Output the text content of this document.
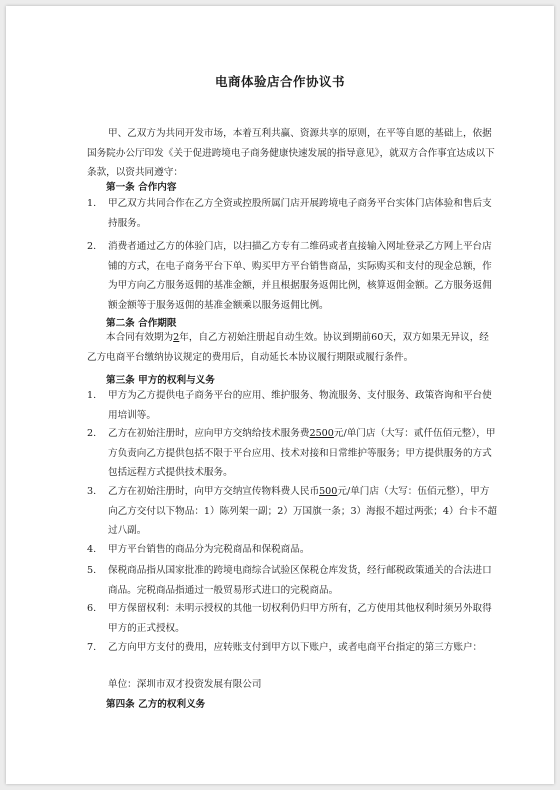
电商体验店合作协议书
甲、乙双方为共同开发市场，本着互利共赢、资源共享的原则，在平等自愿的基础上，依据国务院办公厅印发《关于促进跨境电子商务健康快速发展的指导意见》，就双方合作事宜达成以下条款，以资共同遵守：
第一条 合作内容
1. 甲乙双方共同合作在乙方全资或控股所属门店开展跨境电子商务平台实体门店体验和售后支持服务。
2. 消费者通过乙方的体验门店，以扫描乙方专有二维码或者直接输入网址登录乙方网上平台店铺的方式，在电子商务平台下单、购买甲方平台销售商品，实际购买和支付的现金总额，作为甲方向乙方服务返佣的基准金额，并且根据服务返佣比例，核算返佣金额。乙方服务返佣额金额等于服务返佣的基准金额乘以服务返佣比例。
第二条 合作期限
本合同有效期为2年，自乙方初始注册起自动生效。协议到期前60天，双方如果无异议，经乙方电商平台缴纳协议规定的费用后，自动延长本协议履行期限或履行条件。
第三条 甲方的权利与义务
1. 甲方为乙方提供电子商务平台的应用、维护服务、物流服务、支付服务、政策咨询和平台使用培训等。
2. 乙方在初始注册时，应向甲方交纳给技术服务费2500元/单门店（大写：贰仟伍佰元整），甲方负责向乙方提供包括不限于平台应用、技术对接和日常维护等服务；甲方提供服务的方式包括远程方式提供技术服务。
3. 乙方在初始注册时，向甲方交纳宣传物料费人民币500元/单门店（大写：伍佰元整），甲方向乙方交付以下物品：1）陈列架一副；2）万国旗一条；3）海报不超过两张；4）台卡不超过八副。
4. 甲方平台销售的商品分为完税商品和保税商品。
5. 保税商品指从国家批准的跨境电商综合试验区保税仓库发货，经行邮税政策通关的合法进口商品。完税商品指通过一般贸易形式进口的完税商品。
6. 甲方保留权利：未明示授权的其他一切权利仍归甲方所有，乙方使用其他权利时须另外取得甲方的正式授权。
7. 乙方向甲方支付的费用，应转账支付到甲方以下账户，或者电商平台指定的第三方账户：
单位：深圳市双才投资发展有限公司
第四条 乙方的权利义务
